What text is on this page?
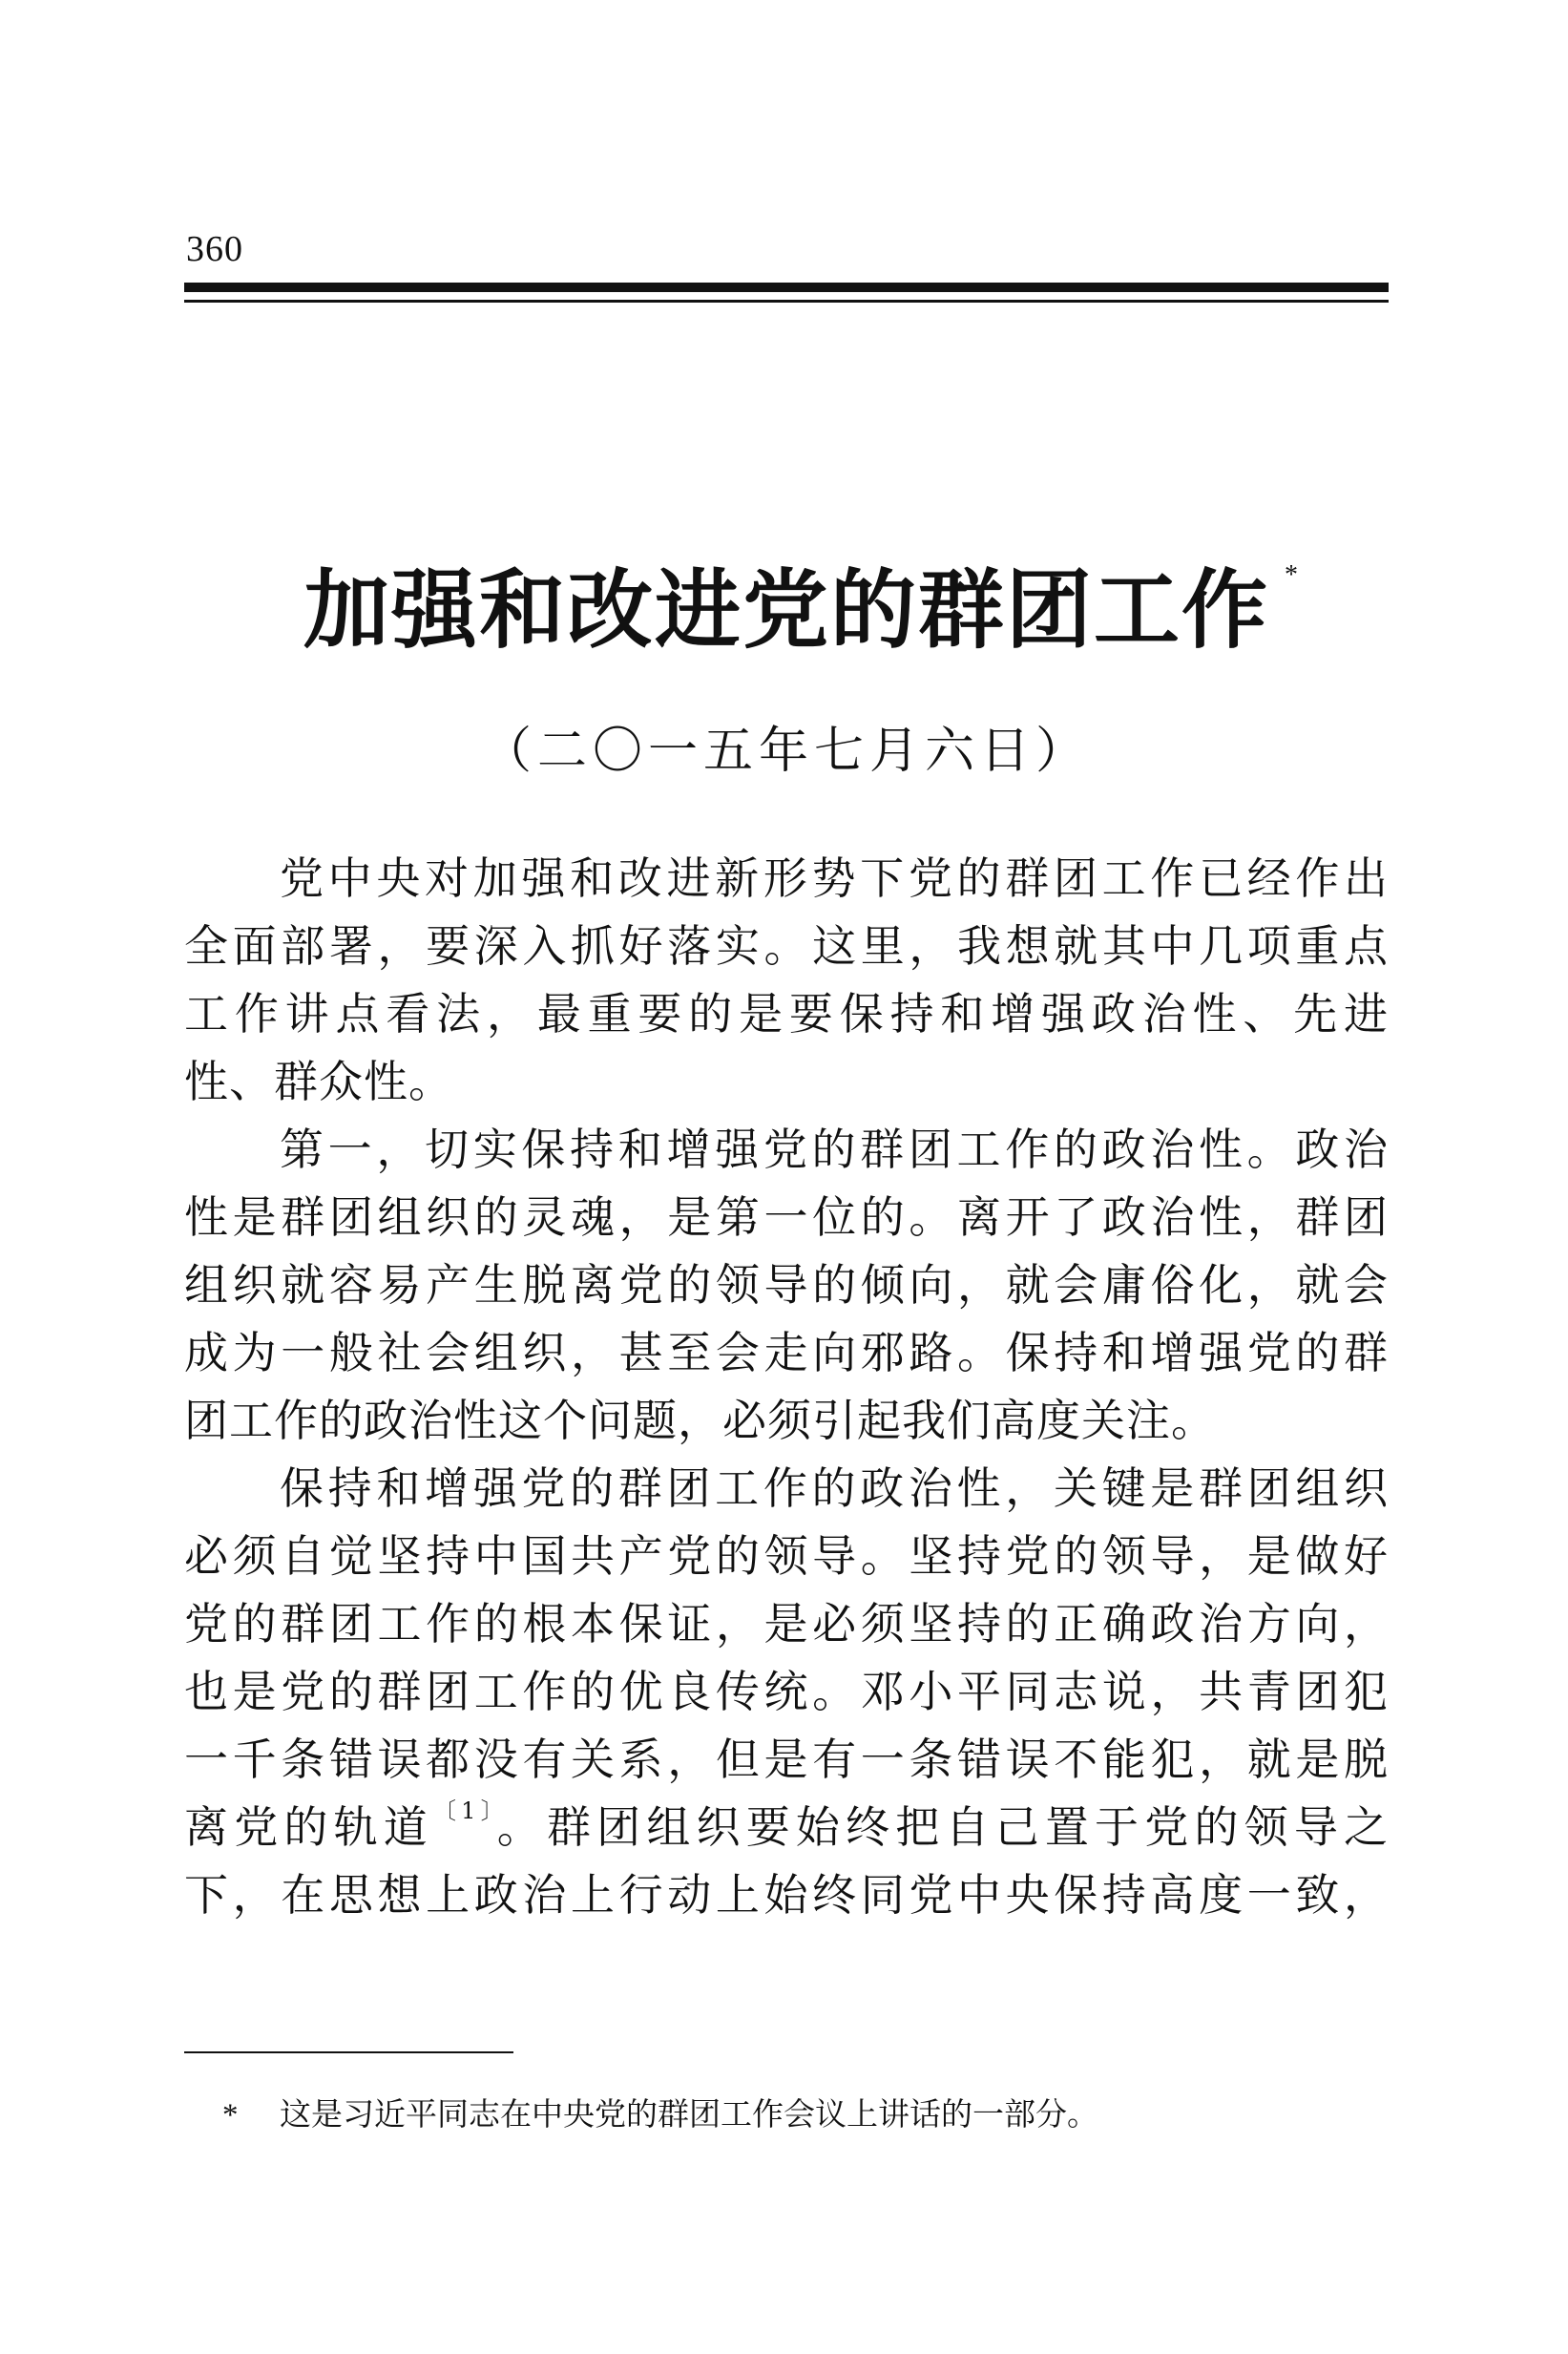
360
加强和改进党的群团工作 *
（二〇一五年七月六日）
党中央对加强和改进新形势下党的群团工作已经作出
全面部署，要深入抓好落实。这里，我想就其中几项重点
工作讲点看法，最重要的是要保持和增强政治性、先进
性、群众性。
第一，切实保持和增强党的群团工作的政治性。政治
性是群团组织的灵魂，是第一位的。离开了政治性，群团
组织就容易产生脱离党的领导的倾向，就会庸俗化，就会
成为一般社会组织，甚至会走向邪路。保持和增强党的群
团工作的政治性这个问题，必须引起我们高度关注。
保持和增强党的群团工作的政治性，关键是群团组织
必须自觉坚持中国共产党的领导。坚持党的领导，是做好
党的群团工作的根本保证，是必须坚持的正确政治方向，
也是党的群团工作的优良传统。邓小平同志说，共青团犯
一千条错误都没有关系，但是有一条错误不能犯，就是脱
离党的轨道$^{〔1〕}$。群团组织要始终把自己置于党的领导之
下，在思想上政治上行动上始终同党中央保持高度一致，
* 这是习近平同志在中央党的群团工作会议上讲话的一部分。
